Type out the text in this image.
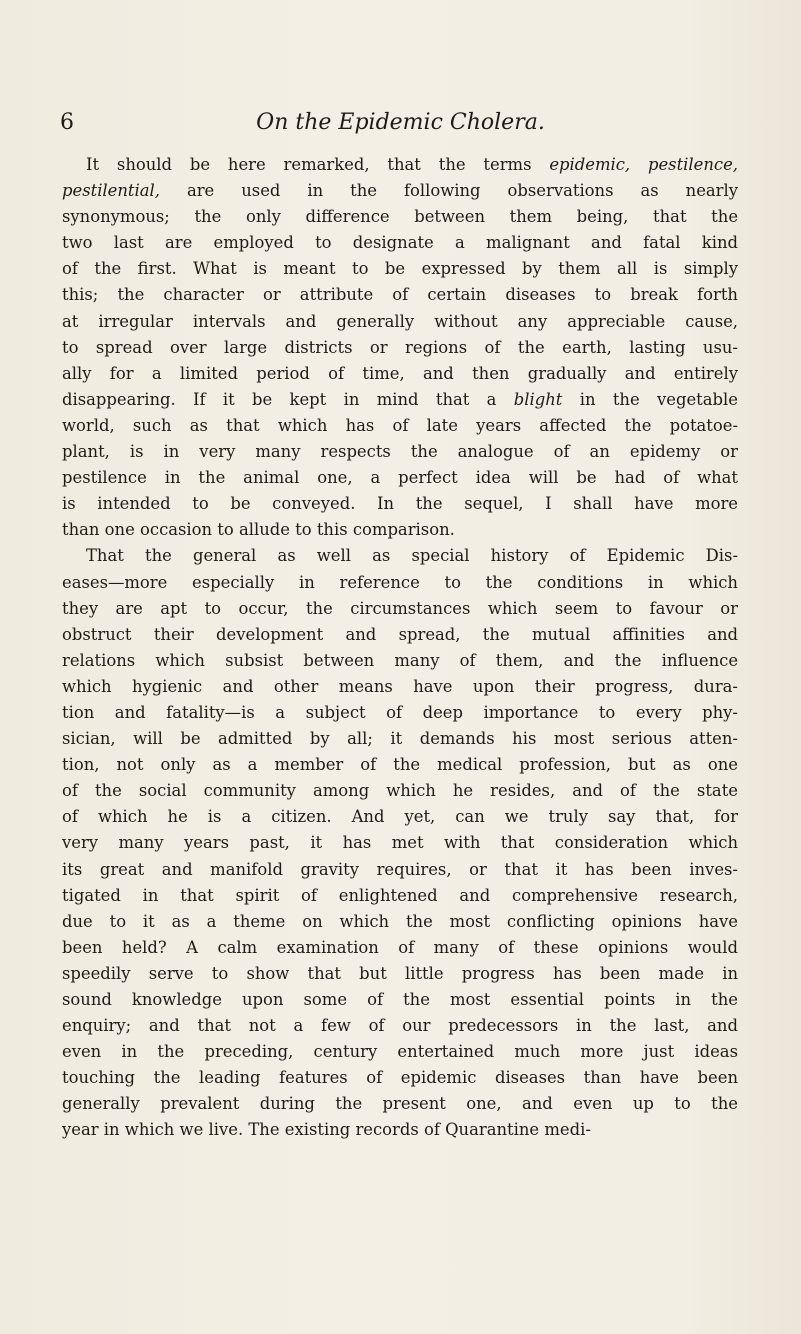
6	On the Epidemic Cholera.
It should be here remarked, that the terms epidemic, pestilence,
pestilential, are used in the following observations as nearly
synonymous; the only difference between them being, that the
two last are employed to designate a malignant and fatal kind
of the first. What is meant to be expressed by them all is simply
this; the character or attribute of certain diseases to break forth
at irregular intervals and generally without any appreciable cause,
to spread over large districts or regions of the earth, lasting usu-
ally for a limited period of time, and then gradually and entirely
disappearing. If it be kept in mind that a blight in the vegetable
world, such as that which has of late years affected the potatoe-
plant, is in very many respects the analogue of an epidemy or
pestilence in the animal one, a perfect idea will be had of what
is intended to be conveyed. In the sequel, I shall have more
than one occasion to allude to this comparison.
That the general as well as special history of Epidemic Dis-
eases—more especially in reference to the conditions in which
they are apt to occur, the circumstances which seem to favour or
obstruct their development and spread, the mutual affinities and
relations which subsist between many of them, and the influence
which hygienic and other means have upon their progress, dura-
tion and fatality—is a subject of deep importance to every phy-
sician, will be admitted by all; it demands his most serious atten-
tion, not only as a member of the medical profession, but as one
of the social community among which he resides, and of the state
of which he is a citizen. And yet, can we truly say that, for
very many years past, it has met with that consideration which
its great and manifold gravity requires, or that it has been inves-
tigated in that spirit of enlightened and comprehensive research,
due to it as a theme on which the most conflicting opinions have
been held? A calm examination of many of these opinions would
speedily serve to show that but little progress has been made in
sound knowledge upon some of the most essential points in the
enquiry; and that not a few of our predecessors in the last, and
even in the preceding, century entertained much more just ideas
touching the leading features of epidemic diseases than have been
generally prevalent during the present one, and even up to the
year in which we live. The existing records of Quarantine medi-
